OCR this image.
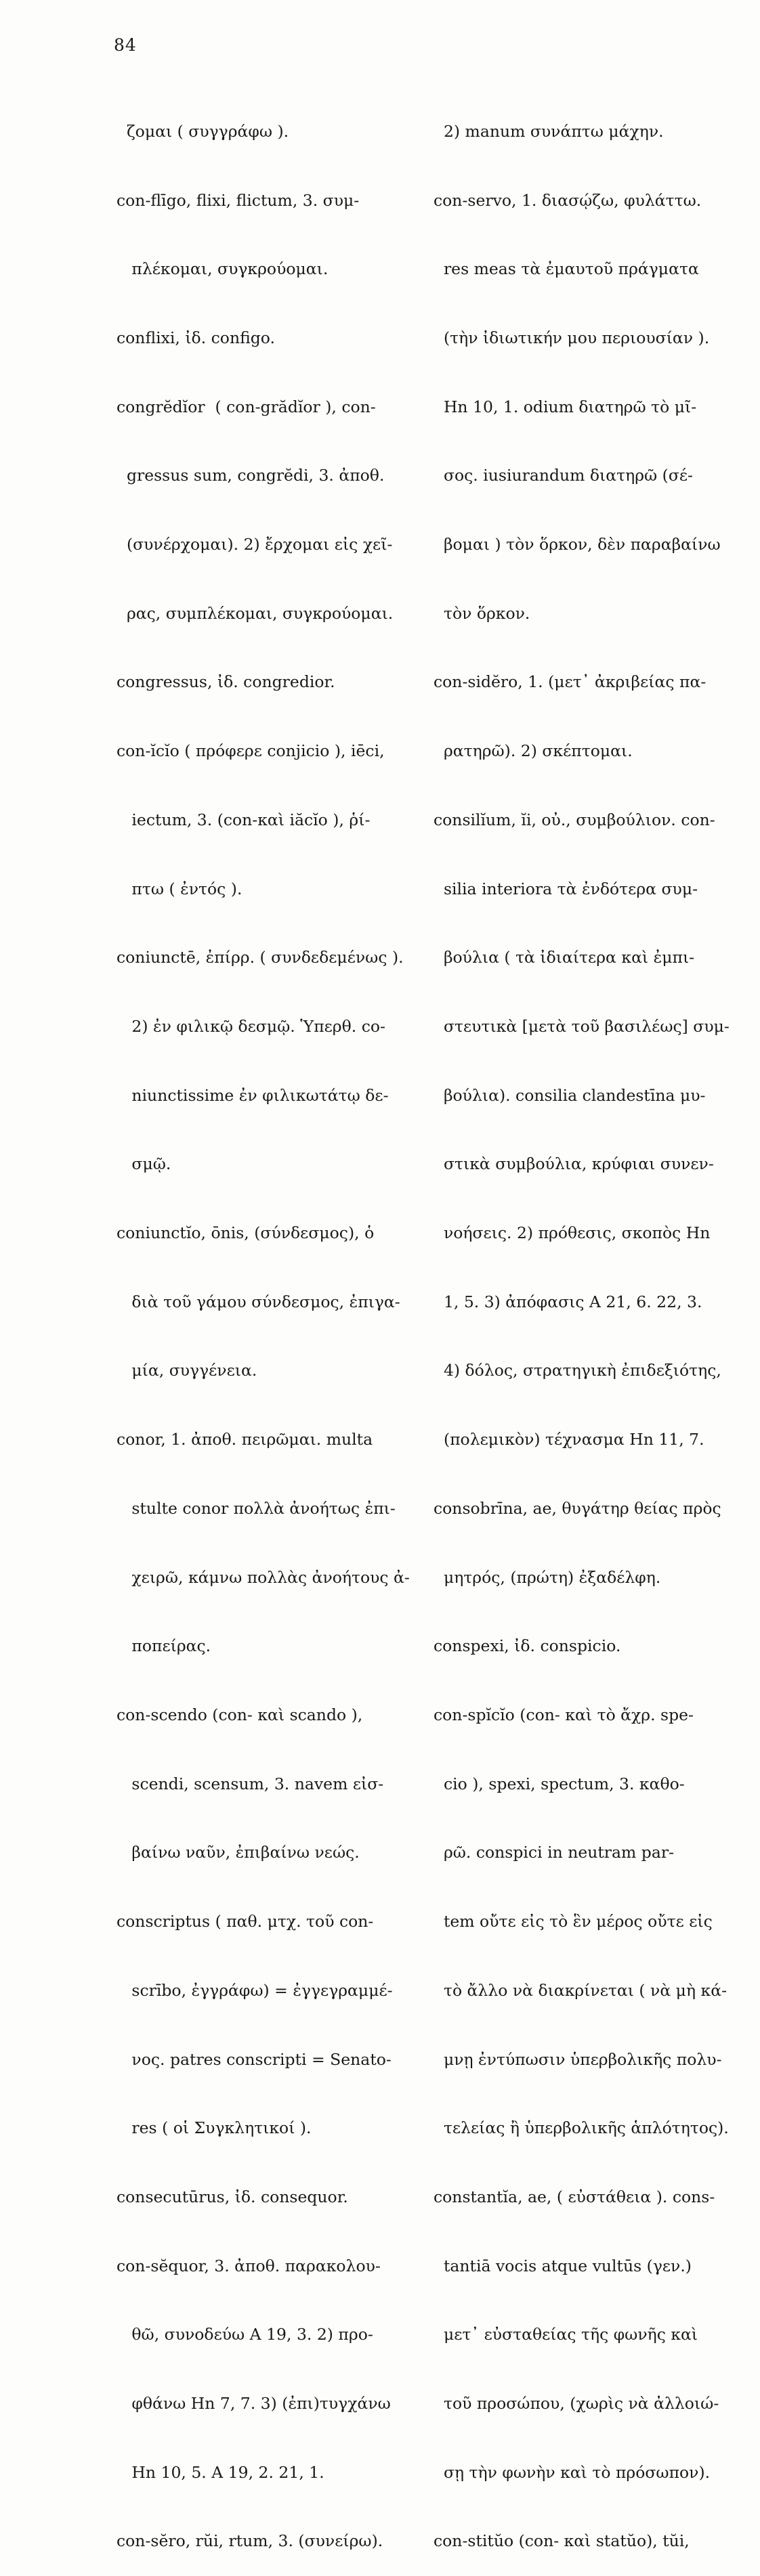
84

ζομαι ( συγγράφω ).

con-flīgo, flixi, flictum, 3. συμ-

πλέκομαι, συγκρούομαι.

conflixi, ἰδ. configo.

congrĕdĭor  ( con-grădĭor ), con-

gressus sum, congrĕdi, 3. ἀποθ.

(συνέρχομαι). 2) ἔρχομαι εἰς χεῖ-

ρας, συμπλέκομαι, συγκρούομαι.

congressus, ἰδ. congredior.

con-ĭcĭo ( πρόφερε conjicio ), iēci,

iectum, 3. (con-καὶ iăcĭo ), ῥί-

πτω ( ἐντός ).

coniunctē, ἐπίρρ. ( συνδεδεμένως ).

2) ἐν φιλικῷ δεσμῷ. Ὑπερθ. co-

niunctissime ἐν φιλικωτάτῳ δε-

σμῷ.

coniunctĭo, ōnis, (σύνδεσμος), ὁ

διὰ τοῦ γάμου σύνδεσμος, ἐπιγα-

μία, συγγένεια.

conor, 1. ἀποθ. πειρῶμαι. multa

stulte conor πολλὰ ἀνοήτως ἐπι-

χειρῶ, κάμνω πολλὰς ἀνοήτους ἀ-

ποπείρας.

con-scendo (con- καὶ scando ),

scendi, scensum, 3. navem εἰσ-

βαίνω ναῦν, ἐπιβαίνω νεώς.

conscriptus ( παθ. μτχ. τοῦ con-

scrībo, ἐγγράφω) = ἐγγεγραμμέ-

νος. patres conscripti = Senato-

res ( οἱ Συγκλητικοί ).

consecutūrus, ἰδ. consequor.

con-sĕquor, 3. ἀποθ. παρακολου-

θῶ, συνοδεύω A 19, 3. 2) προ-

φθάνω Hn 7, 7. 3) (ἐπι)τυγχάνω

Hn 10, 5. A 19, 2. 21, 1.

con-sĕro, rŭi, rtum, 3. (συνείρω).

2) manum συνάπτω μάχην.

con-servo, 1. διασῴζω, φυλάττω.

res meas τὰ ἐμαυτοῦ πράγματα

(τὴν ἰδιωτικήν μου περιουσίαν ).

Hn 10, 1. odium διατηρῶ τὸ μῖ-

σος. iusiurandum διατηρῶ (σέ-

βομαι ) τὸν ὅρκον, δὲν παραβαίνω

τὸν ὅρκον.

con-sidĕro, 1. (μετ᾽ ἀκριβείας πα-

ρατηρῶ). 2) σκέπτομαι.

consilĭum, ĭi, οὐ., συμβούλιον. con-

silia interiora τὰ ἐνδότερα συμ-

βούλια ( τὰ ἰδιαίτερα καὶ ἐμπι-

στευτικὰ [μετὰ τοῦ βασιλέως] συμ-

βούλια). consilia clandestīna μυ-

στικὰ συμβούλια, κρύφιαι συνεν-

νοήσεις. 2) πρόθεσις, σκοπὸς Hn

1, 5. 3) ἀπόφασις A 21, 6. 22, 3.

4) δόλος, στρατηγικὴ ἐπιδεξιότης,

(πολεμικὸν) τέχνασμα Hn 11, 7.

consobrīna, ae, θυγάτηρ θείας πρὸς

μητρός, (πρώτη) ἐξαδέλφη.

conspexi, ἰδ. conspicio.

con-spĭcĭo (con- καὶ τὸ ἄχρ. spe-

cio ), spexi, spectum, 3. καθο-

ρῶ. conspici in neutram par-

tem οὔτε εἰς τὸ ἓν μέρος οὔτε εἰς

τὸ ἄλλο νὰ διακρίνεται ( νὰ μὴ κά-

μνῃ ἐντύπωσιν ὑπερβολικῆς πολυ-

τελείας ἢ ὑπερβολικῆς ἁπλότητος).

constantĭa, ae, ( εὐστάθεια ). cons-

tantiā vocis atque vultūs (γεν.)

μετ᾽ εὐσταθείας τῆς φωνῆς καὶ

τοῦ προσώπου, (χωρὶς νὰ ἀλλοιώ-

σῃ τὴν φωνὴν καὶ τὸ πρόσωπον).

con-stitŭo (con- καὶ statŭo), tŭi,
